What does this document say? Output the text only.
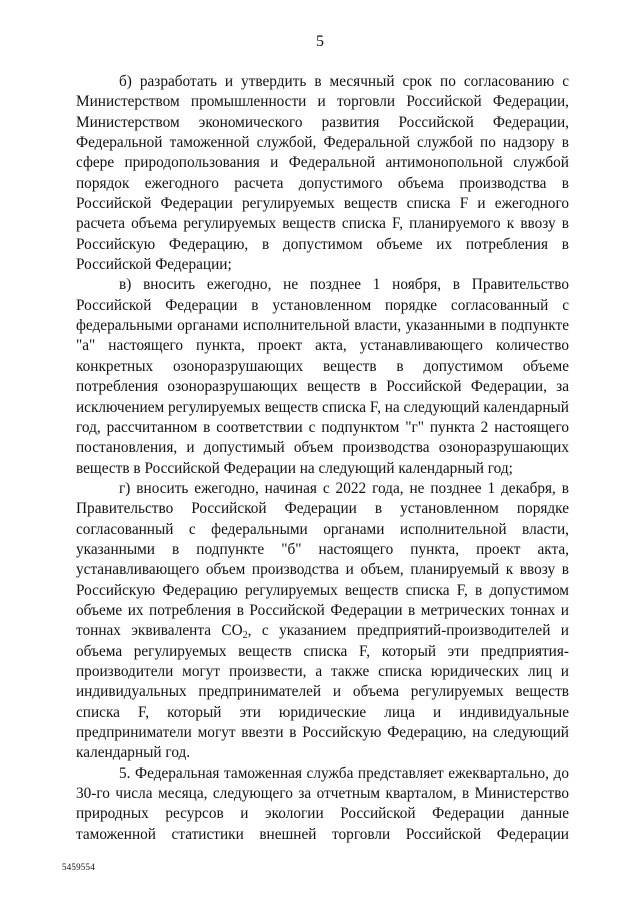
5

б) разработать и утвердить в месячный срок по согласованию с Министерством промышленности и торговли Российской Федерации, Министерством экономического развития Российской Федерации, Федеральной таможенной службой, Федеральной службой по надзору в сфере природопользования и Федеральной антимонопольной службой порядок ежегодного расчета допустимого объема производства в Российской Федерации регулируемых веществ списка F и ежегодного расчета объема регулируемых веществ списка F, планируемого к ввозу в Российскую Федерацию, в допустимом объеме их потребления в Российской Федерации;

в) вносить ежегодно, не позднее 1 ноября, в Правительство Российской Федерации в установленном порядке согласованный с федеральными органами исполнительной власти, указанными в подпункте "а" настоящего пункта, проект акта, устанавливающего количество конкретных озоноразрушающих веществ в допустимом объеме потребления озоноразрушающих веществ в Российской Федерации, за исключением регулируемых веществ списка F, на следующий календарный год, рассчитанном в соответствии с подпунктом "г" пункта 2 настоящего постановления, и допустимый объем производства озоноразрушающих веществ в Российской Федерации на следующий календарный год;

г) вносить ежегодно, начиная с 2022 года, не позднее 1 декабря, в Правительство Российской Федерации в установленном порядке согласованный с федеральными органами исполнительной власти, указанными в подпункте "б" настоящего пункта, проект акта, устанавливающего объем производства и объем, планируемый к ввозу в Российскую Федерацию регулируемых веществ списка F, в допустимом объеме их потребления в Российской Федерации в метрических тоннах и тоннах эквивалента $CO_2$, с указанием предприятий-производителей и объема регулируемых веществ списка F, который эти предприятия-производители могут произвести, а также списка юридических лиц и индивидуальных предпринимателей и объема регулируемых веществ списка F, который эти юридические лица и индивидуальные предприниматели могут ввезти в Российскую Федерацию, на следующий календарный год.

5. Федеральная таможенная служба представляет ежеквартально, до 30-го числа месяца, следующего за отчетным кварталом, в Министерство природных ресурсов и экологии Российской Федерации данные таможенной статистики внешней торговли Российской Федерации

5459554
